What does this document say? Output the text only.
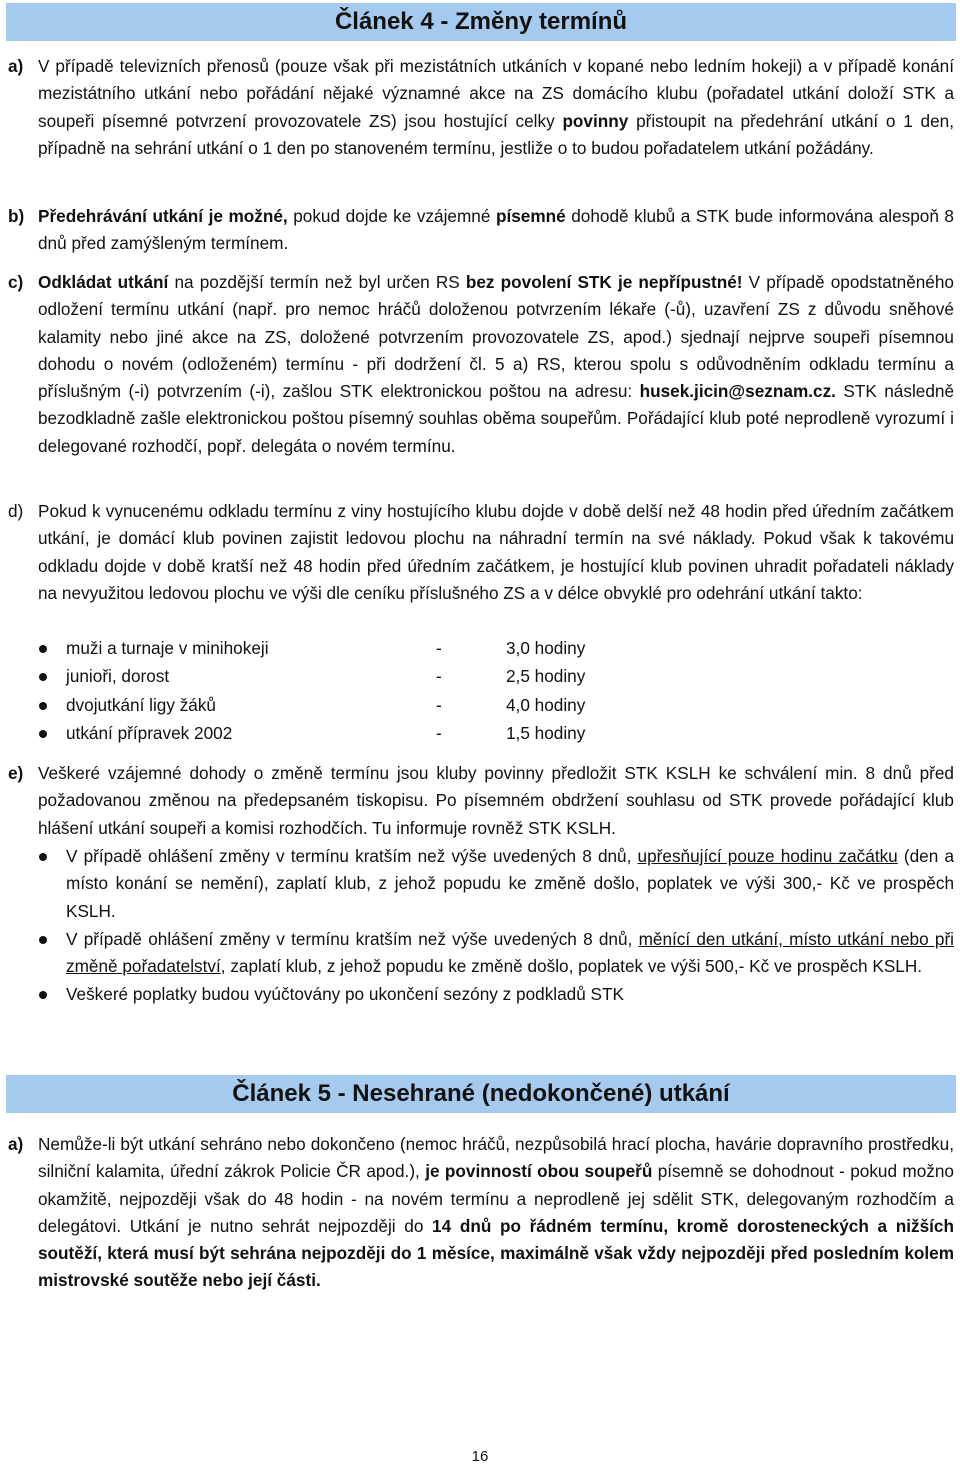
Článek 4 - Změny termínů
a) V případě televizních přenosů (pouze však při mezistátních utkáních v kopané nebo ledním hokeji) a v případě konání mezistátního utkání nebo pořádání nějaké významné akce na ZS domácího klubu (pořadatel utkání doloží STK a soupeři písemné potvrzení provozovatele ZS) jsou hostující celky povinny přistoupit na předehrání utkání o 1 den, případně na sehrání utkání o 1 den po stanoveném termínu, jestliže o to budou pořadatelem utkání požádány.
b) Předehrávání utkání je možné, pokud dojde ke vzájemné písemné dohodě klubů a STK bude informována alespoň 8 dnů před zamýšleným termínem.
c) Odkládat utkání na pozdější termín než byl určen RS bez povolení STK je nepřípustné! V případě opodstatněného odložení termínu utkání (např. pro nemoc hráčů doloženou potvrzením lékaře (-ů), uzavření ZS z důvodu sněhové kalamity nebo jiné akce na ZS, doložené potvrzením provozovatele ZS, apod.) sjednají nejprve soupeři písemnou dohodu o novém (odloženém) termínu - při dodržení čl. 5 a) RS, kterou spolu s odůvodněním odkladu termínu a příslušným (-i) potvrzením (-i), zašlou STK elektronickou poštou na adresu: husek.jicin@seznam.cz. STK následně bezodkladně zašle elektronickou poštou písemný souhlas oběma soupeřům. Pořádající klub poté neprodleně vyrozumí i delegované rozhodčí, popř. delegáta o novém termínu.
d) Pokud k vynucenému odkladu termínu z viny hostujícího klubu dojde v době delší než 48 hodin před úředním začátkem utkání, je domácí klub povinen zajistit ledovou plochu na náhradní termín na své náklady. Pokud však k takovému odkladu dojde v době kratší než 48 hodin před úředním začátkem, je hostující klub povinen uhradit pořadateli náklady na nevyužitou ledovou plochu ve výši dle ceníku příslušného ZS a v délce obvyklé pro odehrání utkání takto:
muži a turnaje v minihokeji	-	3,0 hodiny
junioři, dorost	-	2,5 hodiny
dvojutkání ligy žáků	-	4,0 hodiny
utkání přípravek 2002	-	1,5 hodiny
e) Veškeré vzájemné dohody o změně termínu jsou kluby povinny předložit STK KSLH ke schválení min. 8 dnů před požadovanou změnou na předepsaném tiskopisu. Po písemném obdržení souhlasu od STK provede pořádající klub hlášení utkání soupeři a komisi rozhodčích. Tu informuje rovněž STK KSLH.
V případě ohlášení změny v termínu kratším než výše uvedených 8 dnů, upřesňující pouze hodinu začátku (den a místo konání se nemění), zaplatí klub, z jehož popudu ke změně došlo, poplatek ve výši 300,- Kč ve prospěch KSLH.
V případě ohlášení změny v termínu kratším než výše uvedených 8 dnů, měnící den utkání, místo utkání nebo při změně pořadatelství, zaplatí klub, z jehož popudu ke změně došlo, poplatek ve výši 500,- Kč ve prospěch KSLH.
Veškeré poplatky budou vyúčtovány po ukončení sezóny z podkladů STK
Článek 5 - Nesehrané (nedokončené) utkání
a) Nemůže-li být utkání sehráno nebo dokončeno (nemoc hráčů, nezpůsobilá hrací plocha, havárie dopravního prostředku, silniční kalamita, úřední zákrok Policie ČR apod.), je povinností obou soupeřů písemně se dohodnout - pokud možno okamžitě, nejpozději však do 48 hodin - na novém termínu a neprodleně jej sdělit STK, delegovaným rozhodčím a delegátovi. Utkání je nutno sehrát nejpozději do 14 dnů po řádném termínu, kromě dorosteneckých a nižších soutěží, která musí být sehrána nejpozději do 1 měsíce, maximálně však vždy nejpozději před posledním kolem mistrovské soutěže nebo její části.
16
